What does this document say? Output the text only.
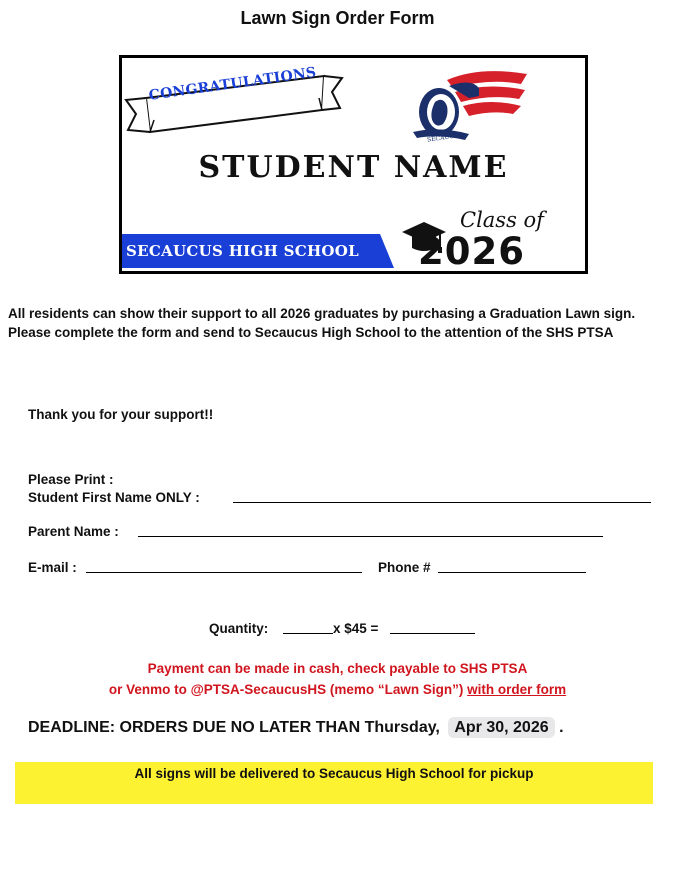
Lawn Sign Order Form
CONGRATULATIONS
SECAUCUS
STUDENT NAME
SECAUCUS HIGH SCHOOL
Class of
2026
All residents can show their support to all 2026 graduates by purchasing a Graduation Lawn sign. Please complete the form and send to Secaucus High School to the attention of the SHS PTSA
Thank you for your support!!
Please Print :
Student First Name ONLY :
Parent Name :
E-mail :	Phone #
Quantity:	x $45 =
Payment can be made in cash, check payable to SHS PTSA
or Venmo to @PTSA-SecaucusHS (memo “Lawn Sign”) with order form
DEADLINE: ORDERS DUE NO LATER THAN Thursday, Apr 30, 2026 .
All signs will be delivered to Secaucus High School for pickup
